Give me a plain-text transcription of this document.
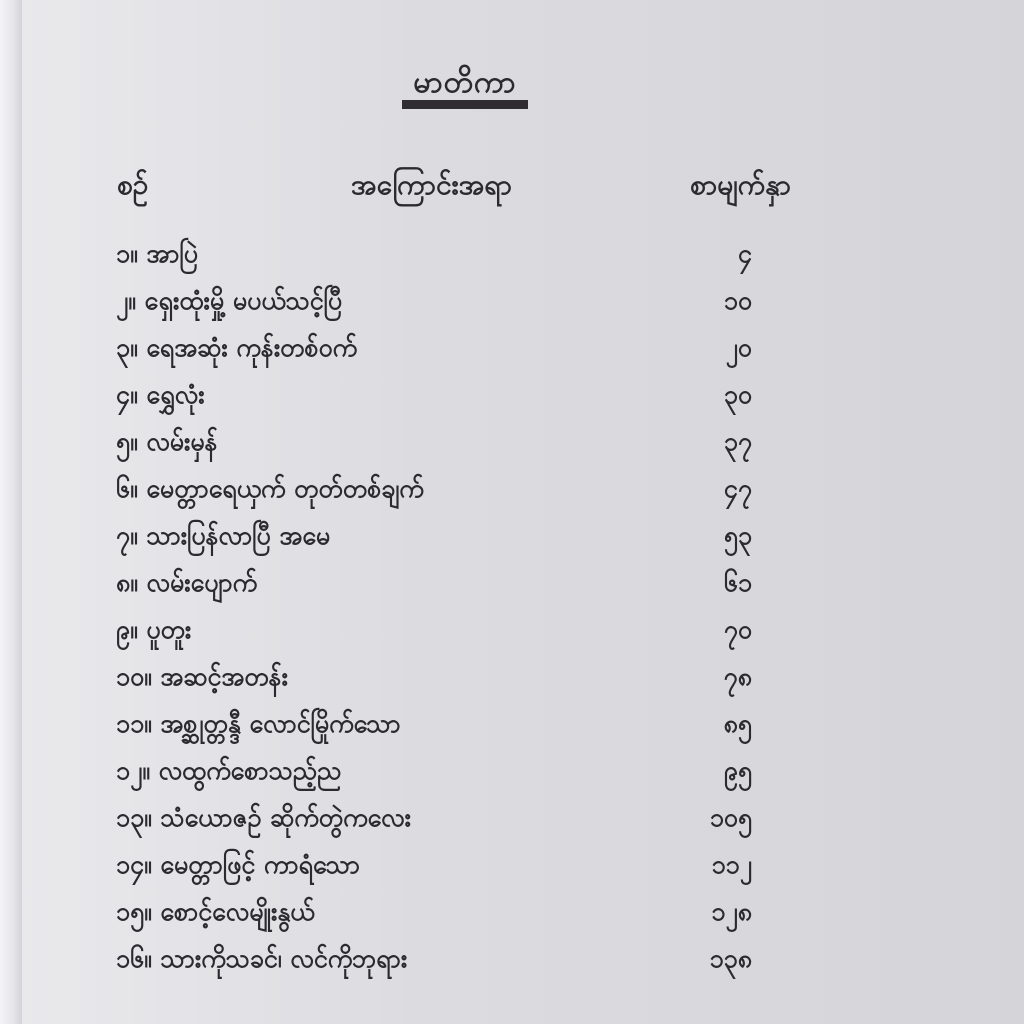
မာတိကာ
စဉ်	အကြောင်းအရာ	စာမျက်နှာ
၁။ အာပြဲ	၄
၂။ ရှေးထုံးမှို့ မပယ်သင့်ပြီ	၁၀
၃။ ရေအဆုံး ကုန်းတစ်ဝက်	၂၀
၄။ ရွှေလုံး	၃၀
၅။ လမ်းမှန်	၃၇
၆။ မေတ္တာရေယှက် တုတ်တစ်ချက်	၄၇
၇။ သားပြန်လာပြီ အမေ	၅၃
၈။ လမ်းပျောက်	၆၁
၉။ ပူတူး	၇၀
၁၀။ အဆင့်အတန်း	၇၈
၁၁။ အစ္ဆုတ္တန္ဒီ လောင်မြိုက်သော	၈၅
၁၂။ လထွက်စောသည့်ည	၉၅
၁၃။ သံယောဇဉ် ဆိုက်တွဲကလေး	၁၀၅
၁၄။ မေတ္တာဖြင့် ကာရံသော	၁၁၂
၁၅။ စောင့်လေမျိုးနွယ်	၁၂၈
၁၆။ သားကိုသခင်၊ လင်ကိုဘုရား	၁၃၈
